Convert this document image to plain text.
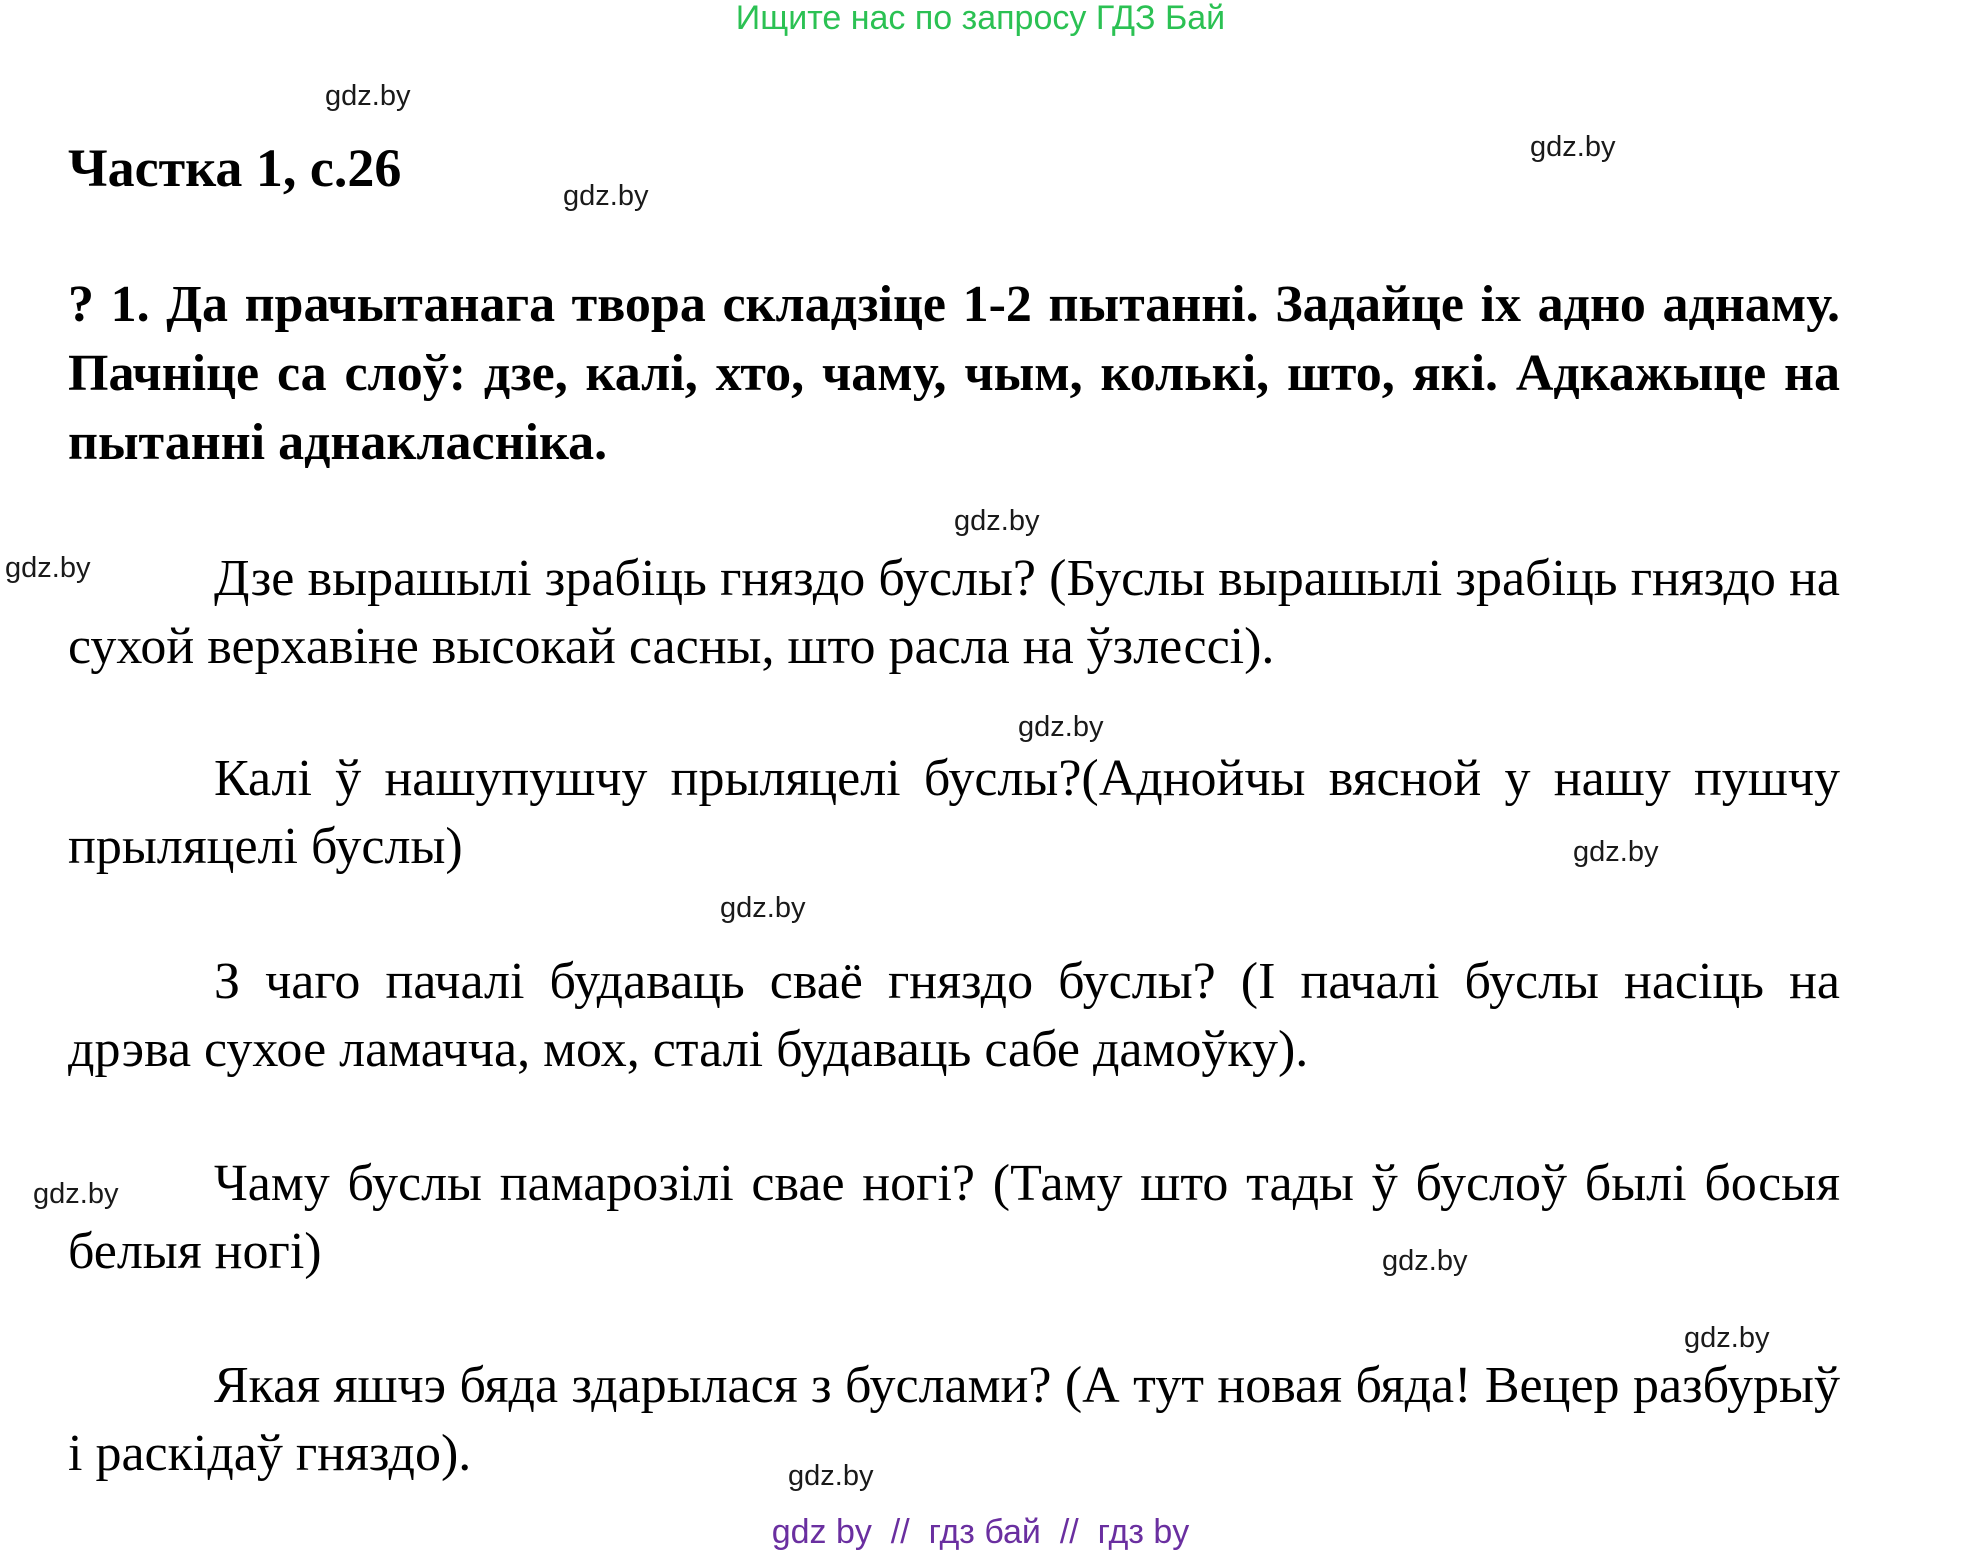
Ищите нас по запросу ГДЗ Бай
gdz.by
gdz.by
gdz.by
gdz.by
gdz.by
gdz.by
gdz.by
gdz.by
gdz.by
gdz.by
gdz.by
gdz.by
Частка 1, с.26
? 1. Да прачытанага твора складзіце 1-2 пытанні. Задайце іх адно аднаму. Пачніце са слоў: дзе, калі, хто, чаму, чым, колькі, што, які. Адкажыце на пытанні аднакласніка.
Дзе вырашылі зрабіць гняздо буслы? (Буслы вырашылі зрабіць гняздо на сухой верхавіне высокай сасны, што расла на ўзлессі).
Калі ў нашупушчу прыляцелі буслы?(Аднойчы вясной у нашу пушчу прыляцелі буслы)
З чаго пачалі будаваць сваё гняздо буслы? (І пачалі буслы насіць на дрэва сухое ламачча, мох, сталі будаваць сабе дамоўку).
Чаму буслы памарозілі свае ногі? (Таму што тады ў буслоў былі босыя белыя ногі)
Якая яшчэ бяда здарылася з буслами? (А тут новая бяда! Вецер разбурыў і раскідаў гняздо).
gdz by  //  гдз бай  //  гдз by
